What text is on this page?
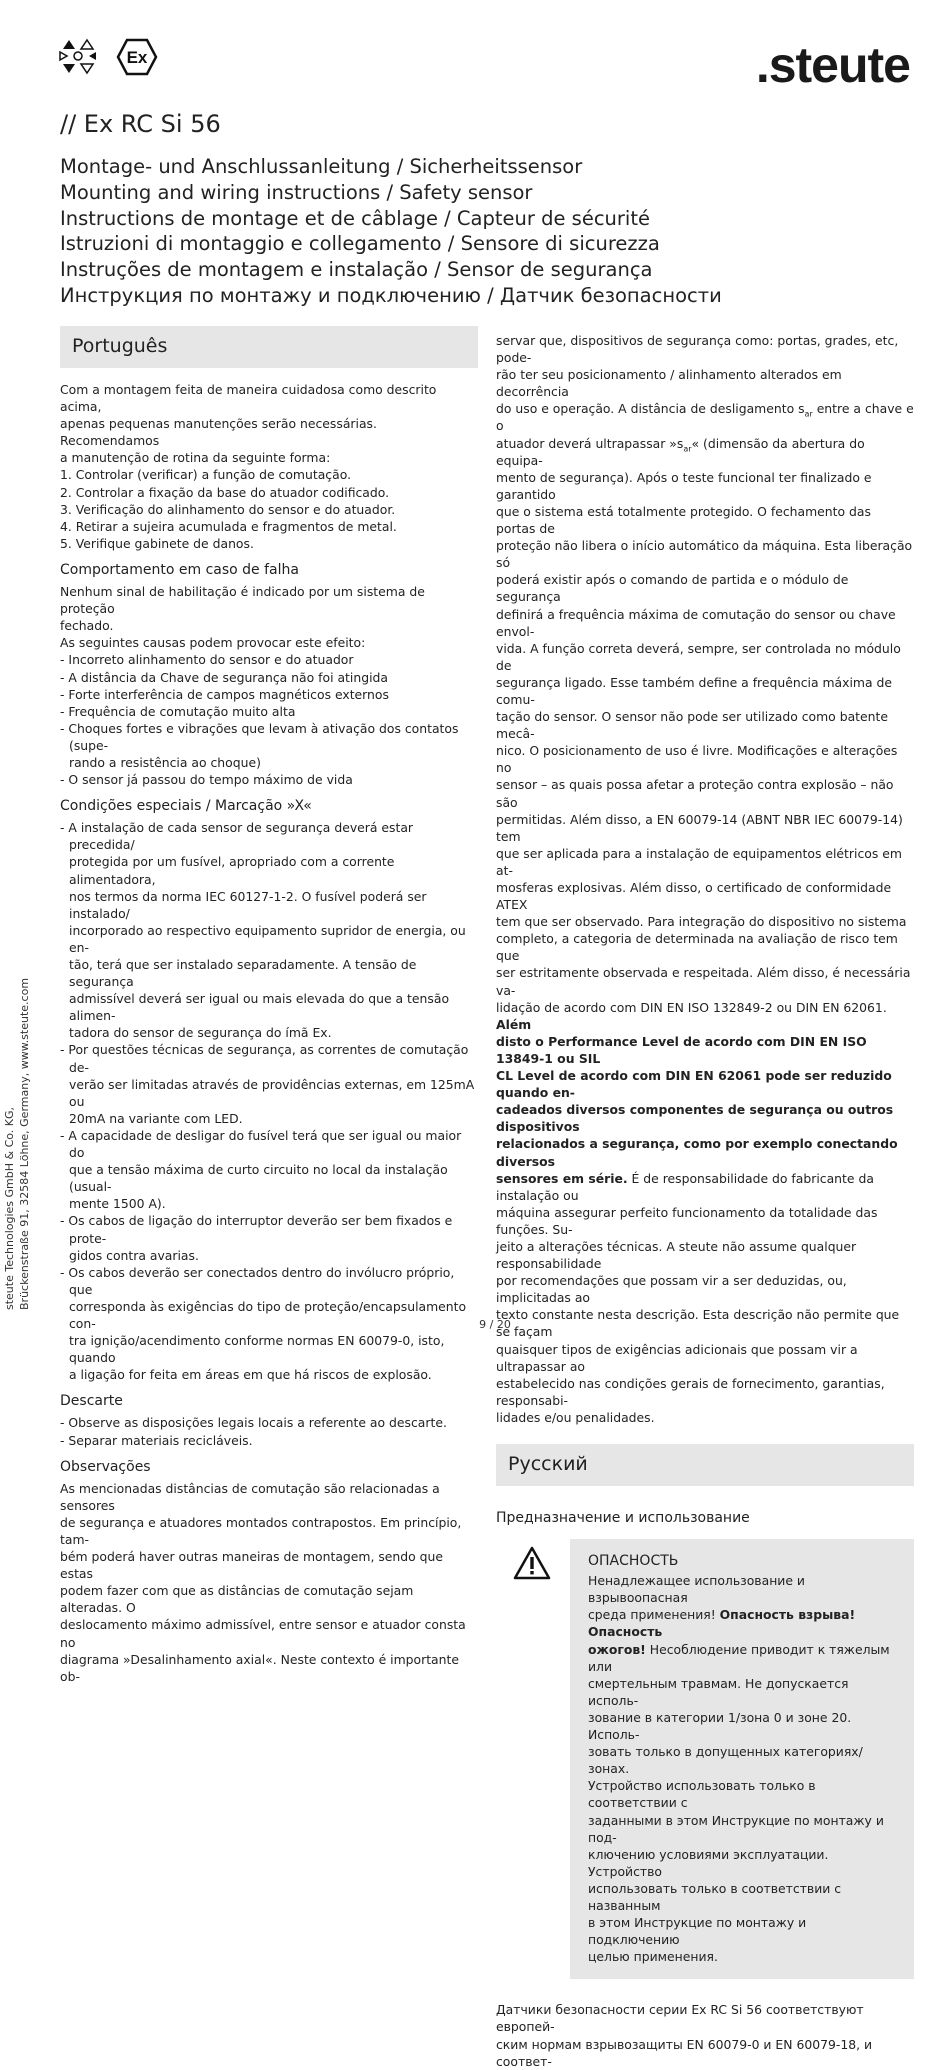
Ex	.steute
// Ex RC Si 56
Montage- und Anschlussanleitung / Sicherheitssensor
Mounting and wiring instructions / Safety sensor
Instructions de montage et de câblage / Capteur de sécurité
Istruzioni di montaggio e collegamento / Sensore di sicurezza
Instruções de montagem e instalação / Sensor de segurança
Инструкция по монтажу и подключению / Датчик безопасности
Português

Com a montagem feita de maneira cuidadosa como descrito acima,

apenas pequenas manutenções serão necessárias. Recomendamos

a manutenção de rotina da seguinte forma:

1. Controlar (verificar) a função de comutação.

2. Controlar a fixação da base do atuador codificado.

3. Verificação do alinhamento do sensor e do atuador.

4. Retirar a sujeira acumulada e fragmentos de metal.

5. Verifique gabinete de danos.

Comportamento em caso de falha

Nenhum sinal de habilitação é indicado por um sistema de proteção

fechado.

As seguintes causas podem provocar este efeito:

- Incorreto alinhamento do sensor e do atuador

- A distância da Chave de segurança não foi atingida

- Forte interferência de campos magnéticos externos

- Frequência de comutação muito alta

- Choques fortes e vibrações que levam à ativação dos contatos (supe-
rando a resistência ao choque)

- O sensor já passou do tempo máximo de vida

Condições especiais / Marcação »X«

- A instalação de cada sensor de segurança deverá estar precedida/
protegida por um fusível, apropriado com a corrente alimentadora,
nos termos da norma IEC 60127-1-2. O fusível poderá ser instalado/
incorporado ao respectivo equipamento supridor de energia, ou en-
tão, terá que ser instalado separadamente. A tensão de segurança
admissível deverá ser igual ou mais elevada do que a tensão alimen-
tadora do sensor de segurança do ímã Ex.

- Por questões técnicas de segurança, as correntes de comutação de-
verão ser limitadas através de providências externas, em 125mA ou
20mA na variante com LED.

- A capacidade de desligar do fusível terá que ser igual ou maior do
que a tensão máxima de curto circuito no local da instalação (usual-
mente 1500 A).

- Os cabos de ligação do interruptor deverão ser bem fixados e prote-
gidos contra avarias.

- Os cabos deverão ser conectados dentro do invólucro próprio, que
corresponda às exigências do tipo de proteção/encapsulamento con-
tra ignição/acendimento conforme normas EN 60079-0, isto, quando
a ligação for feita em áreas em que há riscos de explosão.

Descarte

- Observe as disposições legais locais a referente ao descarte.

- Separar materiais recicláveis.

Observações

As mencionadas distâncias de comutação são relacionadas a sensores

de segurança e atuadores montados contrapostos. Em princípio, tam-

bém poderá haver outras maneiras de montagem, sendo que estas

podem fazer com que as distâncias de comutação sejam alteradas. O

deslocamento máximo admissível, entre sensor e atuador consta no

diagrama »Desalinhamento axial«. Neste contexto é importante ob-

servar que, dispositivos de segurança como: portas, grades, etc, pode-

rão ter seu posicionamento / alinhamento alterados em decorrência

do uso e operação. A distância de desligamento $s_{ar}$ entre a chave e o

atuador deverá ultrapassar $»s_{ar}«$ (dimensão da abertura do equipa-

mento de segurança). Após o teste funcional ter finalizado e garantido

que o sistema está totalmente protegido. O fechamento das portas de

proteção não libera o início automático da máquina. Esta liberação só

poderá existir após o comando de partida e o módulo de segurança

definirá a frequência máxima de comutação do sensor ou chave envol-

vida. A função correta deverá, sempre, ser controlada no módulo de

segurança ligado. Esse também define a frequência máxima de comu-

tação do sensor. O sensor não pode ser utilizado como batente mecâ-

nico. O posicionamento de uso é livre. Modificações e alterações no

sensor – as quais possa afetar a proteção contra explosão – não são

permitidas. Além disso, a EN 60079-14 (ABNT NBR IEC 60079-14) tem

que ser aplicada para a instalação de equipamentos elétricos em at-

mosferas explosivas. Além disso, o certificado de conformidade ATEX

tem que ser observado. Para integração do dispositivo no sistema

completo, a categoria de determinada na avaliação de risco tem que

ser estritamente observada e respeitada. Além disso, é necessária va-

lidação de acordo com DIN EN ISO 132849-2 ou DIN EN 62061. Além

disto o Performance Level de acordo com DIN EN ISO 13849-1 ou SIL

CL Level de acordo com DIN EN 62061 pode ser reduzido quando en-

cadeados diversos componentes de segurança ou outros dispositivos

relacionados a segurança, como por exemplo conectando diversos

sensores em série. É de responsabilidade do fabricante da instalação ou

máquina assegurar perfeito funcionamento da totalidade das funções. Su-

jeito a alterações técnicas. A steute não assume qualquer responsabilidade

por recomendações que possam vir a ser deduzidas, ou, implicitadas ao

texto constante nesta descrição. Esta descrição não permite que se façam

quaisquer tipos de exigências adicionais que possam vir a ultrapassar ao

estabelecido nas condições gerais de fornecimento, garantias, responsabi-

lidades e/ou penalidades.

Русский
Предназначение и использование
ОПАСНОСТЬ

Ненадлежащее использование и взрывоопасная

среда применения! Опасность взрыва! Опасность

ожогов! Несоблюдение приводит к тяжелым или

смертельным травмам. Не допускается исполь-

зование в категории 1/зона 0 и зоне 20. Исполь-

зовать только в допущенных категориях/зонах.

Устройство использовать только в соответствии с

заданными в этом Инструкцие по монтажу и под-

ключению условиями эксплуатации. Устройство

использовать только в соответствии с названным

в этом Инструкцие по монтажу и подключению

целью применения.

Датчики безопасности серии Ex RC Si 56 соответствуют европей-

ским нормам взрывозащиты EN 60079-0 и EN 60079-18, и соответ-

steute Technologies GmbH & Co. KG, Brückenstraße 91, 32584 Löhne, Germany, www.steute.com
9 / 20
